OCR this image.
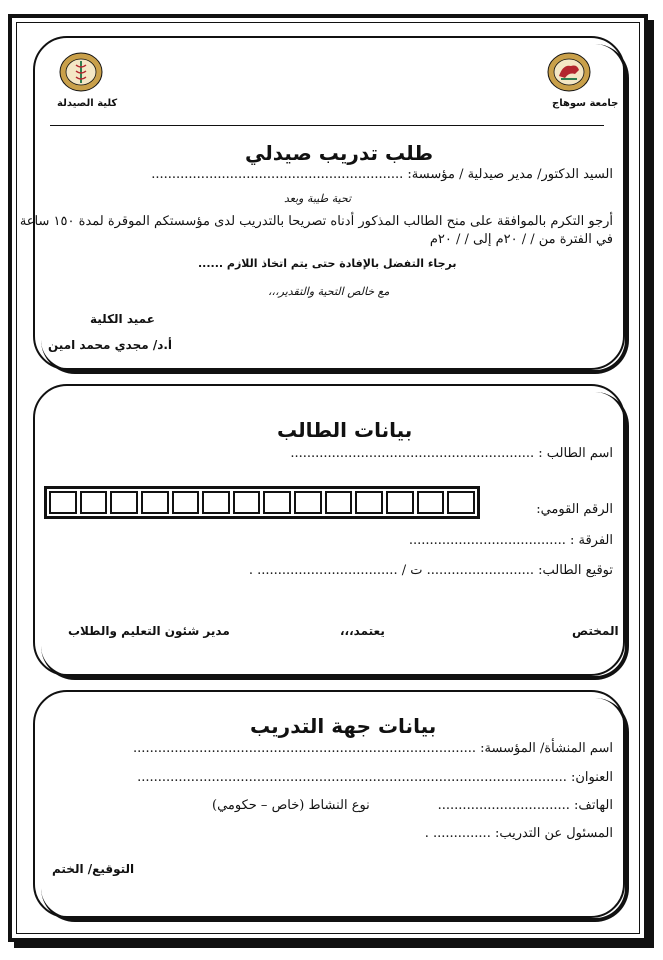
جامعة سوهاج
كلية الصيدلة
طلب تدريب صيدلي
السيد الدكتور/ مدير صيدلية / مؤسسة: .............................................................
تحية طيبة وبعد
أرجو التكرم بالموافقة على منح الطالب المذكور أدناه تصريحا بالتدريب لدى مؤسستكم الموقرة لمدة ١٥٠ ساعة
في الفترة من / / ٢٠م إلى / / ٢٠م
برجاء التفضل بالإفادة حتى يتم اتخاذ اللازم ......
مع خالص التحية والتقدير،،،
عميد الكلية
أ.د/ مجدي محمد امين
بيانات الطالب
اسم الطالب : ...........................................................
الرقم القومي:
الفرقة : ......................................
توقيع الطالب: .......................... ت / .................................. .
المختص
يعتمد،،،
مدير شئون التعليم والطلاب
بيانات جهة التدريب
اسم المنشأة/ المؤسسة: ...................................................................................
العنوان: ........................................................................................................
الهاتف: ................................
نوع النشاط (خاص – حكومي)
المسئول عن التدريب: .............. .
التوقيع/ الختم
